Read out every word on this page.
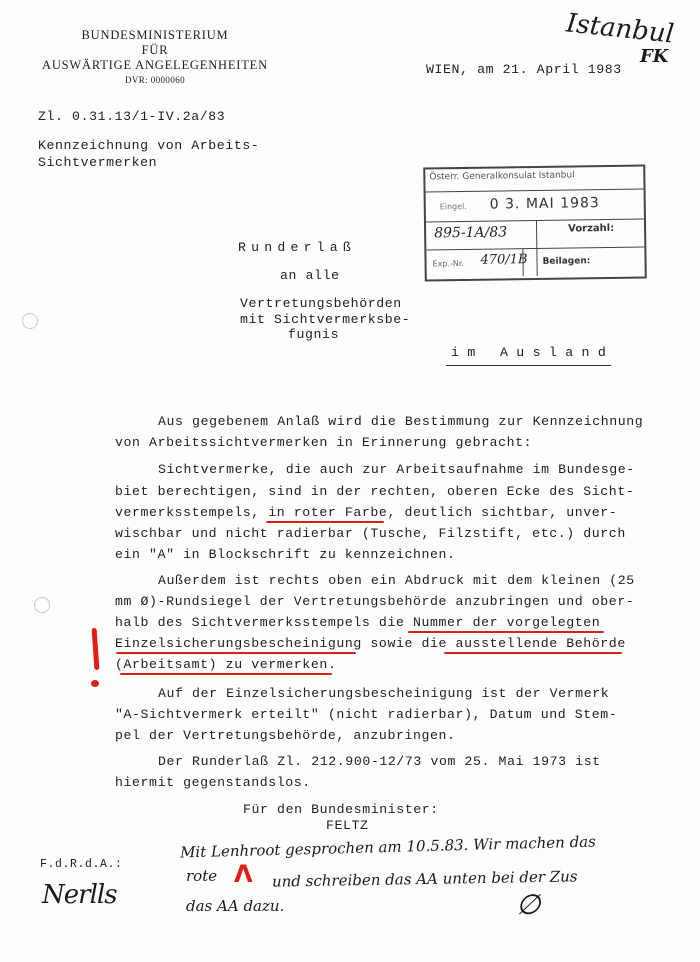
BUNDESMINISTERIUM
FÜR
AUSWÄRTIGE ANGELEGENHEITEN
DVR: 0000060
Istanbul
FK
WIEN, am 21. April 1983
Zl. 0.31.13/1-IV.2a/83
Kennzeichnung von Arbeits-
Sichtvermerken
Österr. Generalkonsulat Istanbul
Eingel. 0 3. MAI 1983
895-1A/83	Vorzahl:
Exp.-Nr. 470/1B Beilagen:
Runderlaß
an alle
Vertretungsbehörden
mit Sichtvermerksbe-
fugnis
im Ausland
Aus gegebenem Anlaß wird die Bestimmung zur Kennzeichnung
von Arbeitssichtvermerken in Erinnerung gebracht:
Sichtvermerke, die auch zur Arbeitsaufnahme im Bundesge-
biet berechtigen, sind in der rechten, oberen Ecke des Sicht-
vermerksstempels, in roter Farbe, deutlich sichtbar, unver-
wischbar und nicht radierbar (Tusche, Filzstift, etc.) durch
ein "A" in Blockschrift zu kennzeichnen.
Außerdem ist rechts oben ein Abdruck mit dem kleinen (25
mm Ø)-Rundsiegel der Vertretungsbehörde anzubringen und ober-
halb des Sichtvermerksstempels die Nummer der vorgelegten
Einzelsicherungsbescheinigung sowie die ausstellende Behörde
(Arbeitsamt) zu vermerken.
Auf der Einzelsicherungsbescheinigung ist der Vermerk
"A-Sichtvermerk erteilt" (nicht radierbar), Datum und Stem-
pel der Vertretungsbehörde, anzubringen.
Der Runderlaß Zl. 212.900-12/73 vom 25. Mai 1973 ist
hiermit gegenstandslos.
Für den Bundesminister:
FELTZ
F.d.R.d.A.:
Mit Lenhroot gesprochen am 10.5.83. Wir machen das
rote Λ und schreiben das AA unten bei der Zus
das AA dazu.	∅
Nerlls
